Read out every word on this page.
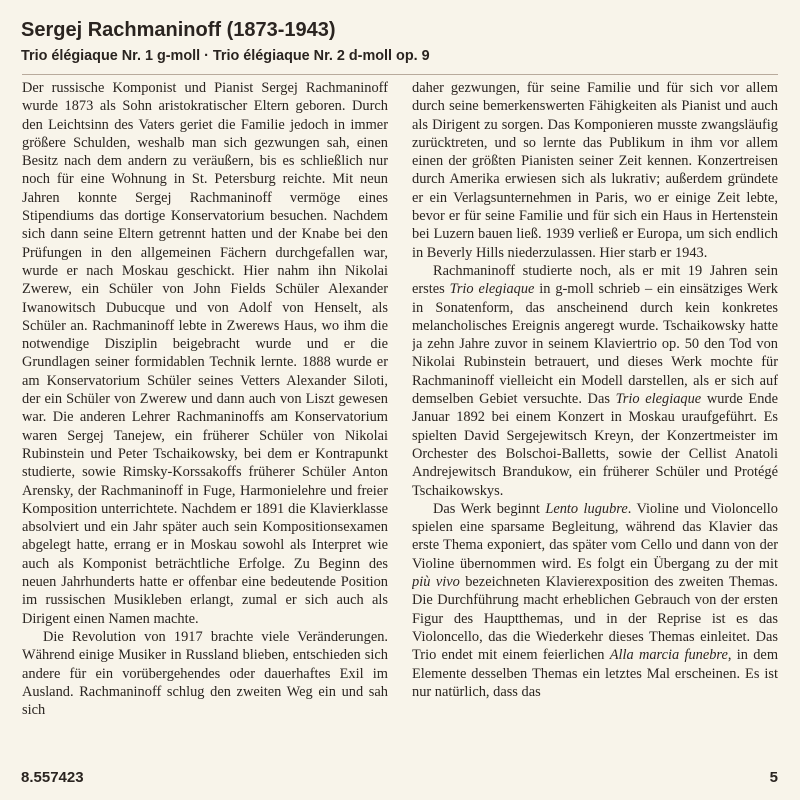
Sergej Rachmaninoff (1873-1943)
Trio élégiaque Nr. 1 g-moll · Trio élégiaque Nr. 2 d-moll op. 9

Der russische Komponist und Pianist Sergej Rachmaninoff wurde 1873 als Sohn aristokratischer Eltern geboren. Durch den Leichtsinn des Vaters geriet die Familie jedoch in immer größere Schulden, weshalb man sich gezwungen sah, einen Besitz nach dem andern zu veräußern, bis es schließlich nur noch für eine Wohnung in St. Petersburg reichte. Mit neun Jahren konnte Sergej Rachmaninoff vermöge eines Stipendiums das dortige Konservatorium besuchen. Nachdem sich dann seine Eltern getrennt hatten und der Knabe bei den Prüfungen in den allgemeinen Fächern durchgefallen war, wurde er nach Moskau geschickt. Hier nahm ihn Nikolai Zwerew, ein Schüler von John Fields Schüler Alexander Iwanowitsch Dubucque und von Adolf von Henselt, als Schüler an. Rachmaninoff lebte in Zwerews Haus, wo ihm die notwendige Disziplin beigebracht wurde und er die Grundlagen seiner formidablen Technik lernte. 1888 wurde er am Konservatorium Schüler seines Vetters Alexander Siloti, der ein Schüler von Zwerew und dann auch von Liszt gewesen war. Die anderen Lehrer Rachmaninoffs am Konservatorium waren Sergej Tanejew, ein früherer Schüler von Nikolai Rubinstein und Peter Tschaikowsky, bei dem er Kontrapunkt studierte, sowie Rimsky-Korssakoffs früherer Schüler Anton Arensky, der Rachmaninoff in Fuge, Harmonielehre und freier Komposition unterrichtete. Nachdem er 1891 die Klavierklasse absolviert und ein Jahr später auch sein Kompositionsexamen abgelegt hatte, errang er in Moskau sowohl als Interpret wie auch als Komponist beträchtliche Erfolge. Zu Beginn des neuen Jahrhunderts hatte er offenbar eine bedeutende Position im russischen Musikleben erlangt, zumal er sich auch als Dirigent einen Namen machte.

Die Revolution von 1917 brachte viele Veränderungen. Während einige Musiker in Russland blieben, entschieden sich andere für ein vorübergehendes oder dauerhaftes Exil im Ausland. Rachmaninoff schlug den zweiten Weg ein und sah sich

daher gezwungen, für seine Familie und für sich vor allem durch seine bemerkenswerten Fähigkeiten als Pianist und auch als Dirigent zu sorgen. Das Komponieren musste zwangsläufig zurücktreten, und so lernte das Publikum in ihm vor allem einen der größten Pianisten seiner Zeit kennen. Konzertreisen durch Amerika erwiesen sich als lukrativ; außerdem gründete er ein Verlagsunternehmen in Paris, wo er einige Zeit lebte, bevor er für seine Familie und für sich ein Haus in Hertenstein bei Luzern bauen ließ. 1939 verließ er Europa, um sich endlich in Beverly Hills niederzulassen. Hier starb er 1943.

Rachmaninoff studierte noch, als er mit 19 Jahren sein erstes Trio elegiaque in g-moll schrieb – ein einsätziges Werk in Sonatenform, das anscheinend durch kein konkretes melancholisches Ereignis angeregt wurde. Tschaikowsky hatte ja zehn Jahre zuvor in seinem Klaviertrio op. 50 den Tod von Nikolai Rubinstein betrauert, und dieses Werk mochte für Rachmaninoff vielleicht ein Modell darstellen, als er sich auf demselben Gebiet versuchte. Das Trio elegiaque wurde Ende Januar 1892 bei einem Konzert in Moskau uraufgeführt. Es spielten David Sergejewitsch Kreyn, der Konzertmeister im Orchester des Bolschoi-Balletts, sowie der Cellist Anatoli Andrejewitsch Brandukow, ein früherer Schüler und Protégé Tschaikowskys.

Das Werk beginnt Lento lugubre. Violine und Violoncello spielen eine sparsame Begleitung, während das Klavier das erste Thema exponiert, das später vom Cello und dann von der Violine übernommen wird. Es folgt ein Übergang zu der mit più vivo bezeichneten Klavierexposition des zweiten Themas. Die Durchführung macht erheblichen Gebrauch von der ersten Figur des Hauptthemas, und in der Reprise ist es das Violoncello, das die Wiederkehr dieses Themas einleitet. Das Trio endet mit einem feierlichen Alla marcia funebre, in dem Elemente desselben Themas ein letztes Mal erscheinen. Es ist nur natürlich, dass das

8.557423	5
